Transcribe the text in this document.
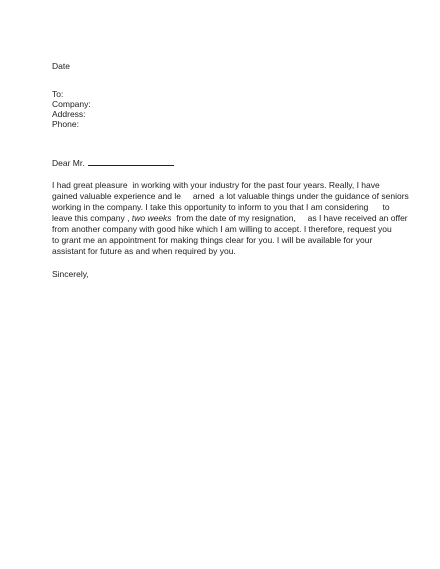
Date
To:
Company:
Address:
Phone:
Dear Mr.
I had great pleasure  in working with your industry for the past four years. Really, I have
gained valuable experience and le     arned  a lot valuable things under the guidance of seniors
working in the company. I take this opportunity to inform to you that I am considering      to
leave this company , two weeks  from the date of my resignation,     as I have received an offer
from another company with good hike which I am willing to accept. I therefore, request you
to grant me an appointment for making things clear for you. I will be available for your
assistant for future as and when required by you.
Sincerely,
